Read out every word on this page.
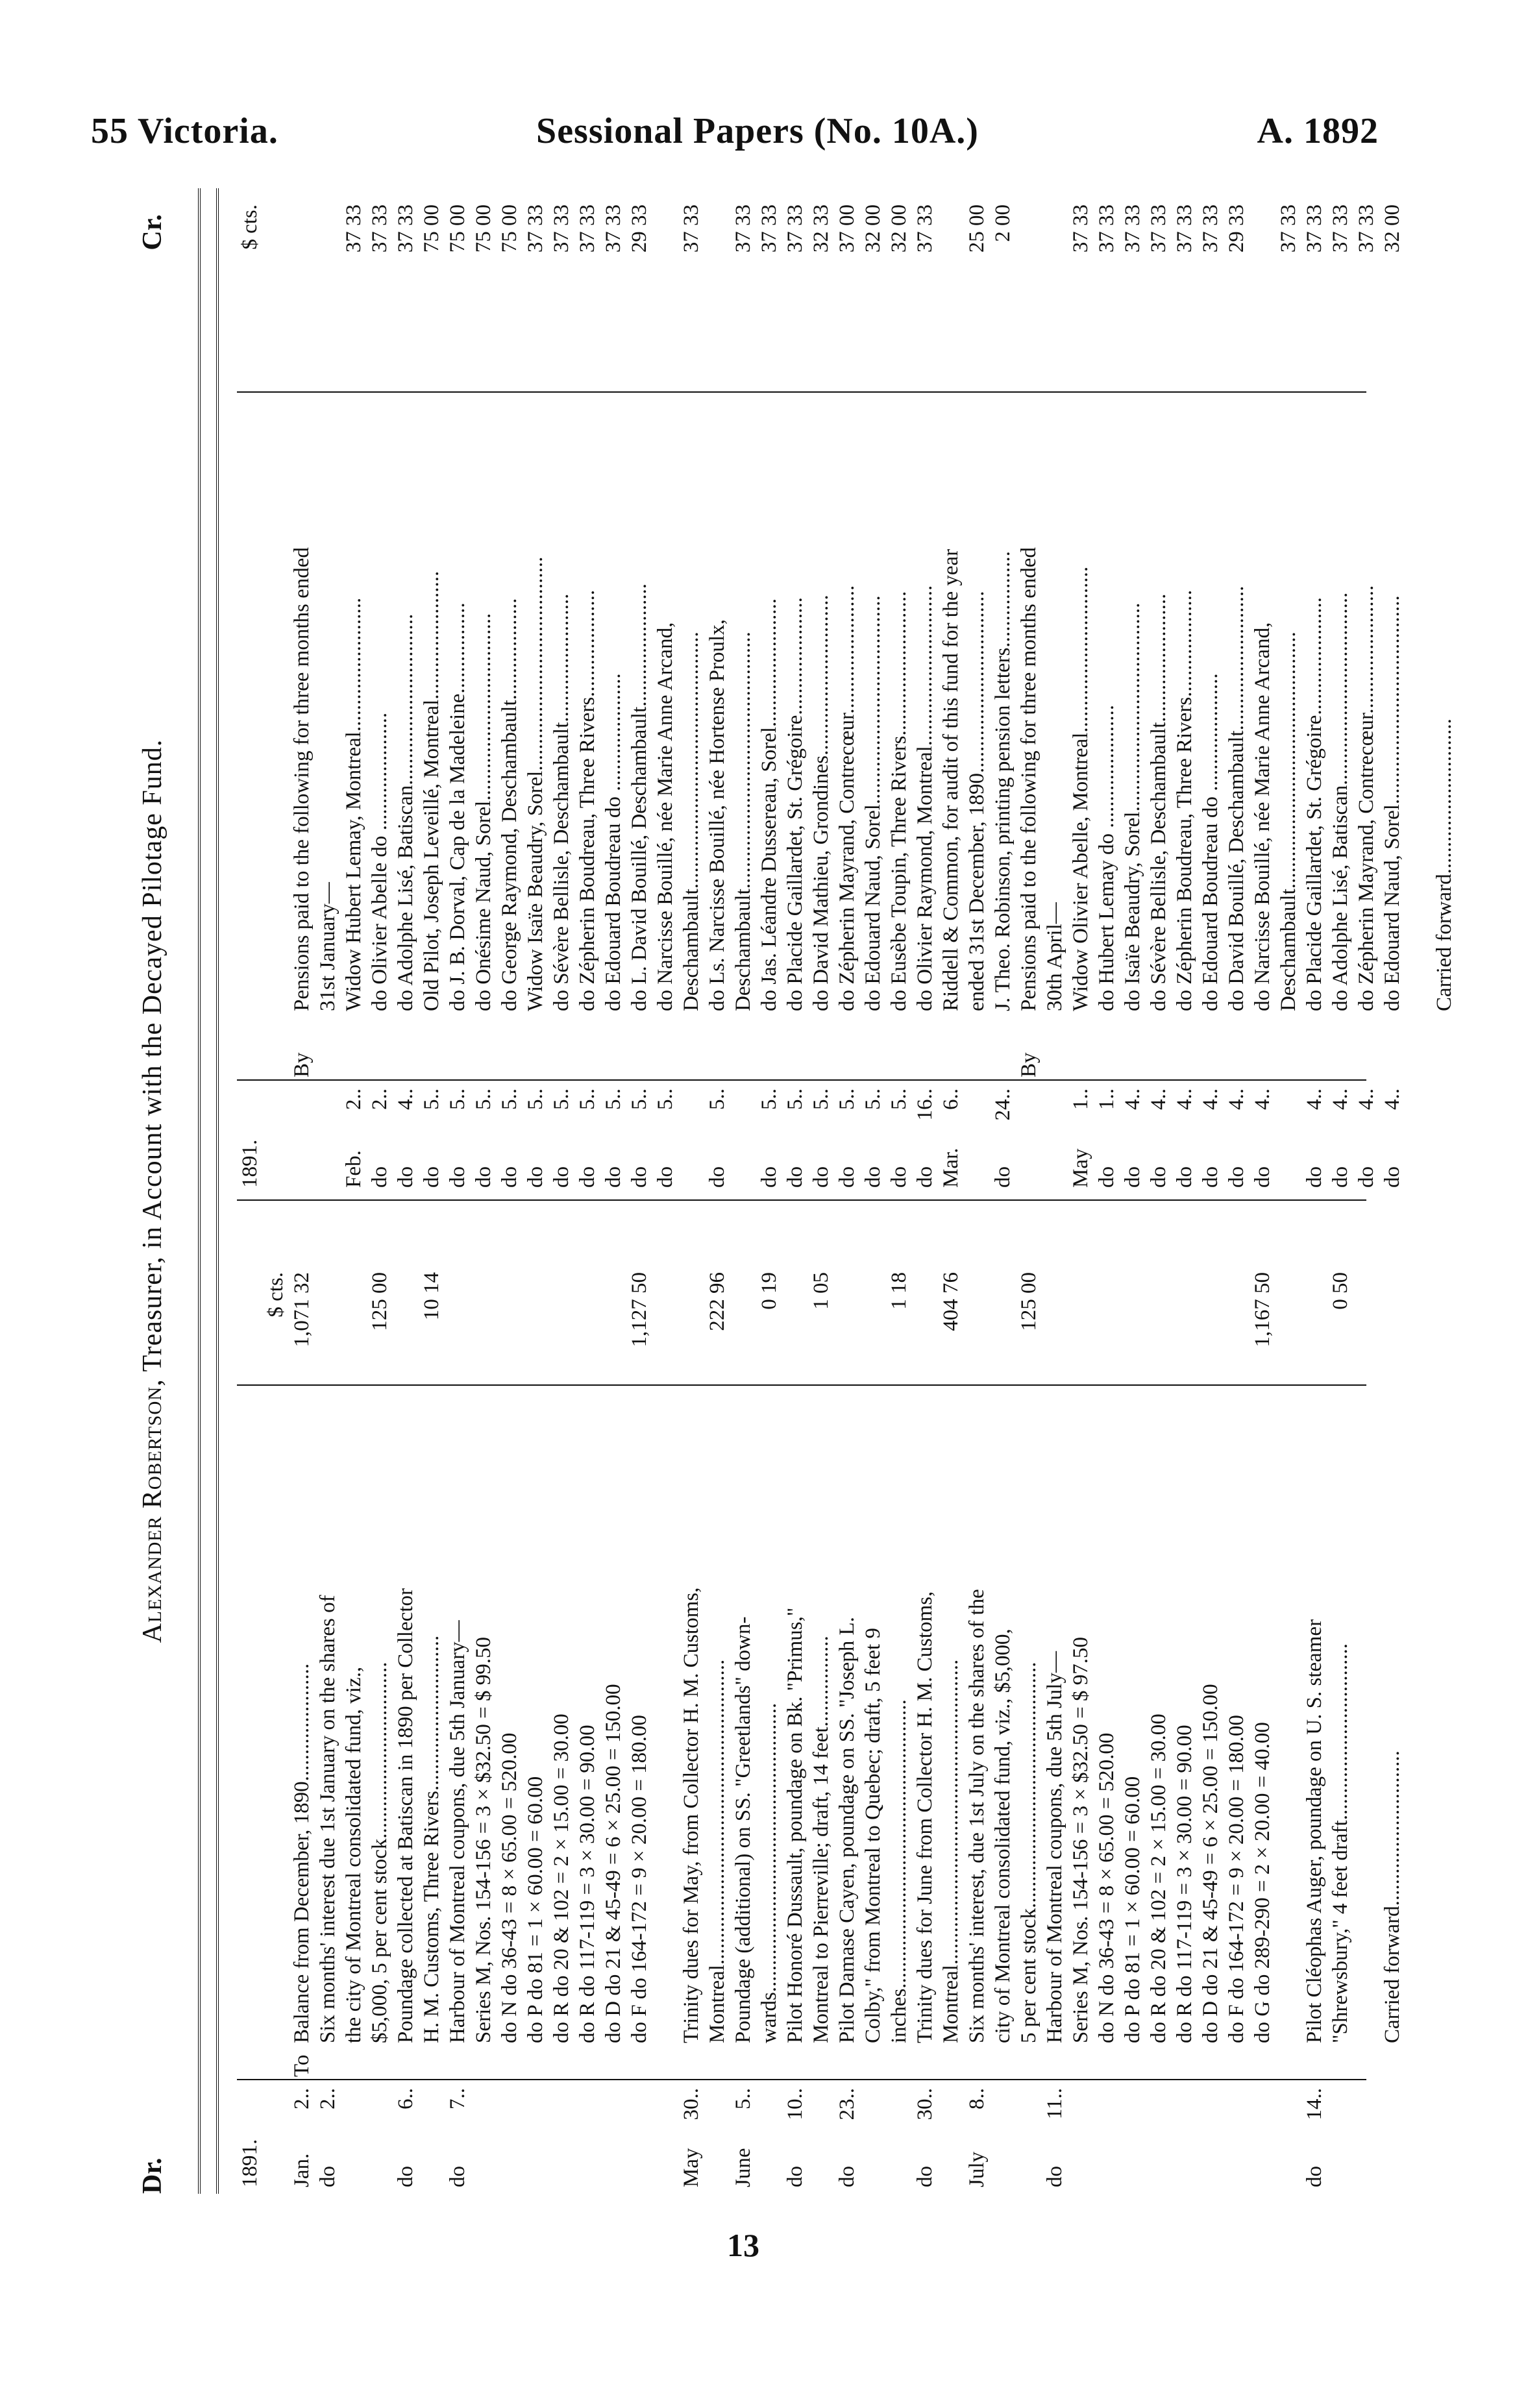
55 Victoria.	Sessional Papers (No. 10A.)	A. 1892
Dr.
Alexander Robertson, Treasurer, in Account with the Decayed Pilotage Fund.
Cr.
1891.
$ cts.
Jan.
2..
To
Balance from December, 1890......................
1,071 32
do
2..
Six months' interest due 1st January on the shares of the city of Montreal consolidated fund, viz., $5,000, 5 per cent stock.................................
125 00
do
6..
Poundage collected at Batiscan in 1890 per Collector H. M. Customs, Three Rivers.............................
10 14
do
7..
Harbour of Montreal coupons, due 5th January— Series M, Nos. 154-156 = 3 × $32.50 = $ 99.50 do N do 36-43 = 8 × 65.00 = 520.00 do P do 81 = 1 × 60.00 = 60.00 do R do 20 & 102 = 2 × 15.00 = 30.00 do R do 117-119 = 3 × 30.00 = 90.00 do D do 21 & 45-49 = 6 × 25.00 = 150.00 do F do 164-172 = 9 × 20.00 = 180.00
1,127 50
May
30..
Trinity dues for May, from Collector H. M. Customs, Montreal.........................................................
222 96
June
5..
Poundage (additional) on SS. "Greetlands" down- wards......................................................
0 19
do
10..
Pilot Honoré Dussault, poundage on Bk. "Primus," Montreal to Pierreville; draft, 14 feet.................
1 05
do
23..
Pilot Damase Cayen, poundage on SS. "Joseph L. Colby," from Montreal to Quebec; draft, 5 feet 9 inches......................................................
1 18
do
30..
Trinity dues for June from Collector H. M. Customs, Montreal.........................................................
404 76
July
8..
Six months' interest, due 1st July on the shares of the city of Montreal consolidated fund, viz., $5,000, 5 per cent stock..............................................
125 00
do
11..
Harbour of Montreal coupons, due 5th July— Series M, Nos. 154-156 = 3 × $32.50 = $ 97.50 do N do 36-43 = 8 × 65.00 = 520.00 do P do 81 = 1 × 60.00 = 60.00 do R do 20 & 102 = 2 × 15.00 = 30.00 do R do 117-119 = 3 × 30.00 = 90.00 do D do 21 & 45-49 = 6 × 25.00 = 150.00 do F do 164-172 = 9 × 20.00 = 180.00 do G do 289-290 = 2 × 20.00 = 40.00
1,167 50
do
14..
Pilot Cléophas Auger, poundage on U. S. steamer "Shrewsbury," 4 feet draft.................................
0 50
Carried forward.............................
1891.
$ cts.
By
Pensions paid to the following for three months ended 31st January—
Feb.
2..
Widow Hubert Lemay, Montreal.........................
37 33
do
2..
do Olivier Abelle do ......................
37 33
do
4..
do Adolphe Lisé, Batiscan................................
37 33
do
5..
Old Pilot, Joseph Leveillé, Montreal........................
75 00
do
5..
do J. B. Dorval, Cap de la Madeleine.................
75 00
do
5..
do Onésime Naud, Sorel...................................
75 00
do
5..
do George Raymond, Deschambault...................
75 00
do
5..
Widow Isaïe Beaudry, Sorel........................................
37 33
do
5..
do Sévère Bellisle, Deschambault........................
37 33
do
5..
do Zépherin Boudreau, Three Rivers....................
37 33
do
5..
do Edouard Boudreau do ......................
37 33
do
5..
do L. David Bouillé, Deschambault.......................
29 33
do
5..
do Narcisse Bouillé, née Marie Anne Arcand, Deschambault................................................
37 33
do
5..
do Ls. Narcisse Bouillé, née Hortense Proulx, Deschambault................................................
37 33
do
5..
do Jas. Léandre Dussereau, Sorel........................
37 33
do
5..
do Placide Gaillardet, St. Grégoire......................
37 33
do
5..
do David Mathieu, Grondines..............................
32 33
do
5..
do Zépherin Mayrand, Contrecœur........................
37 00
do
5..
do Edouard Naud, Sorel.......................................
32 00
do
5..
do Eusèbe Toupin, Three Rivers...........................
32 00
do
16..
do Olivier Raymond, Montreal..............................
37 33
Mar.
6..
Riddell & Common, for audit of this fund for the year ended 31st December, 1890..................................
25 00
do
24..
J. Theo. Robinson, printing pension letters..................
2 00
By
Pensions paid to the following for three months ended 30th April—
May
1..
Widow Olivier Abelle, Montreal...............................
37 33
do
1..
do Hubert Lemay do .......................
37 33
do
4..
do Isaïe Beaudry, Sorel.......................................
37 33
do
4..
do Sévère Bellisle, Deschambault........................
37 33
do
4..
do Zépherin Boudreau, Three Rivers....................
37 33
do
4..
do Edouard Boudreau do ......................
37 33
do
4..
do David Bouillé, Deschambault...........................
29 33
do
4..
do Narcisse Bouillé, née Marie Anne Arcand, Deschambault................................................
37 33
do
4..
do Placide Gaillardet, St. Grégoire......................
37 33
do
4..
do Adolphe Lisé, Batiscan....................................
37 33
do
4..
do Zépherin Mayrand, Contrecœur........................
37 33
do
4..
do Edouard Naud, Sorel.......................................
32 00
Carried forward.............................
13
